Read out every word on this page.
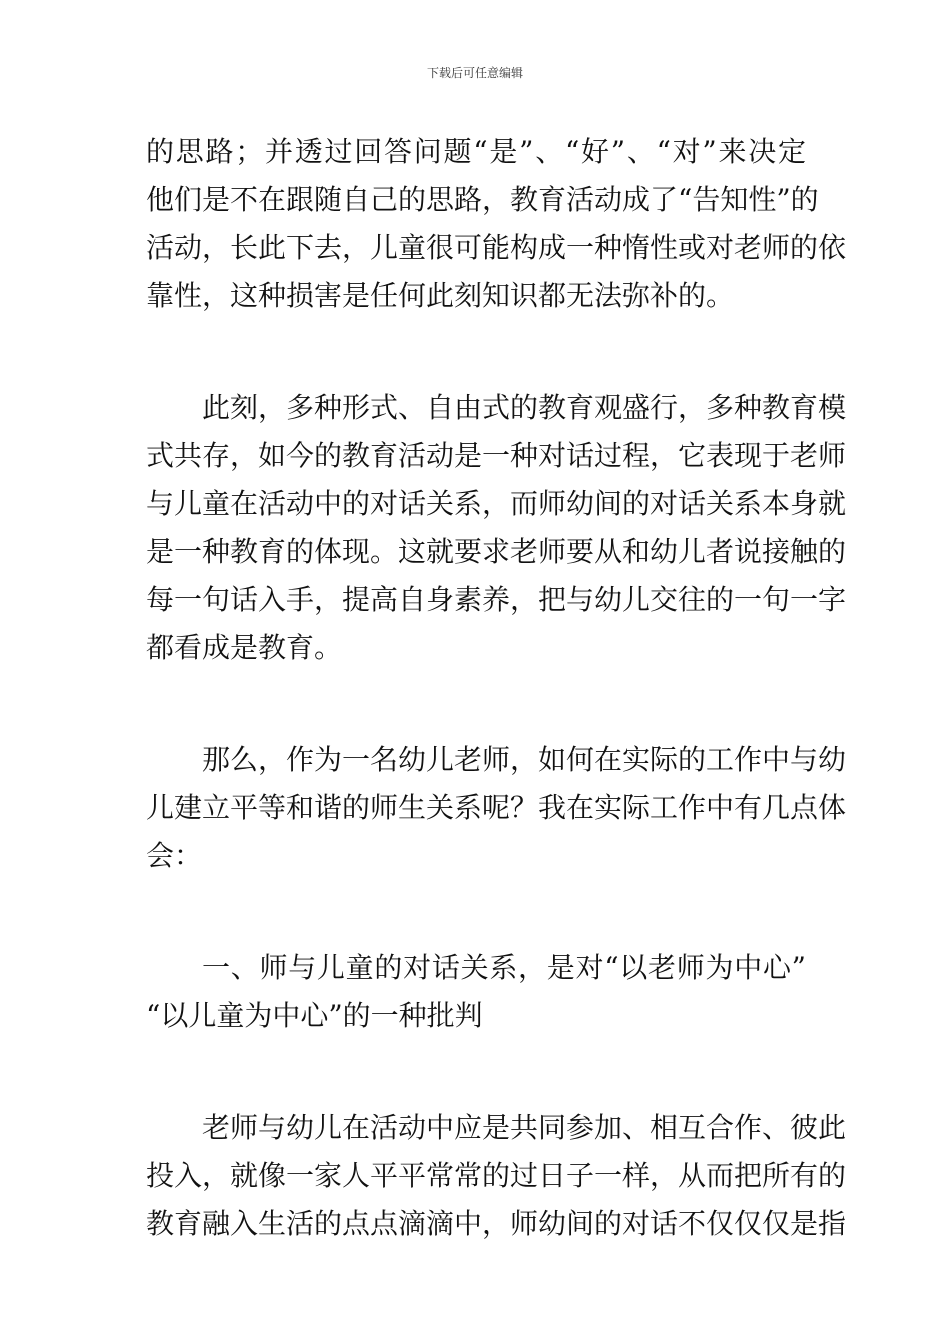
下载后可任意编辑
的思路；并透过回答问题“是”、“好”、“对”来决定
他们是不在跟随自己的思路，教育活动成了“告知性”的
活动，长此下去，儿童很可能构成一种惰性或对老师的依
靠性，这种损害是任何此刻知识都无法弥补的。
此刻，多种形式、自由式的教育观盛行，多种教育模
式共存，如今的教育活动是一种对话过程，它表现于老师
与儿童在活动中的对话关系，而师幼间的对话关系本身就
是一种教育的体现。这就要求老师要从和幼儿者说接触的
每一句话入手，提高自身素养，把与幼儿交往的一句一字
都看成是教育。
那么，作为一名幼儿老师，如何在实际的工作中与幼
儿建立平等和谐的师生关系呢？我在实际工作中有几点体
会：
一、师与儿童的对话关系，是对“以老师为中心”
“以儿童为中心”的一种批判
老师与幼儿在活动中应是共同参加、相互合作、彼此
投入，就像一家人平平常常的过日子一样，从而把所有的
教育融入生活的点点滴滴中，师幼间的对话不仅仅仅是指
